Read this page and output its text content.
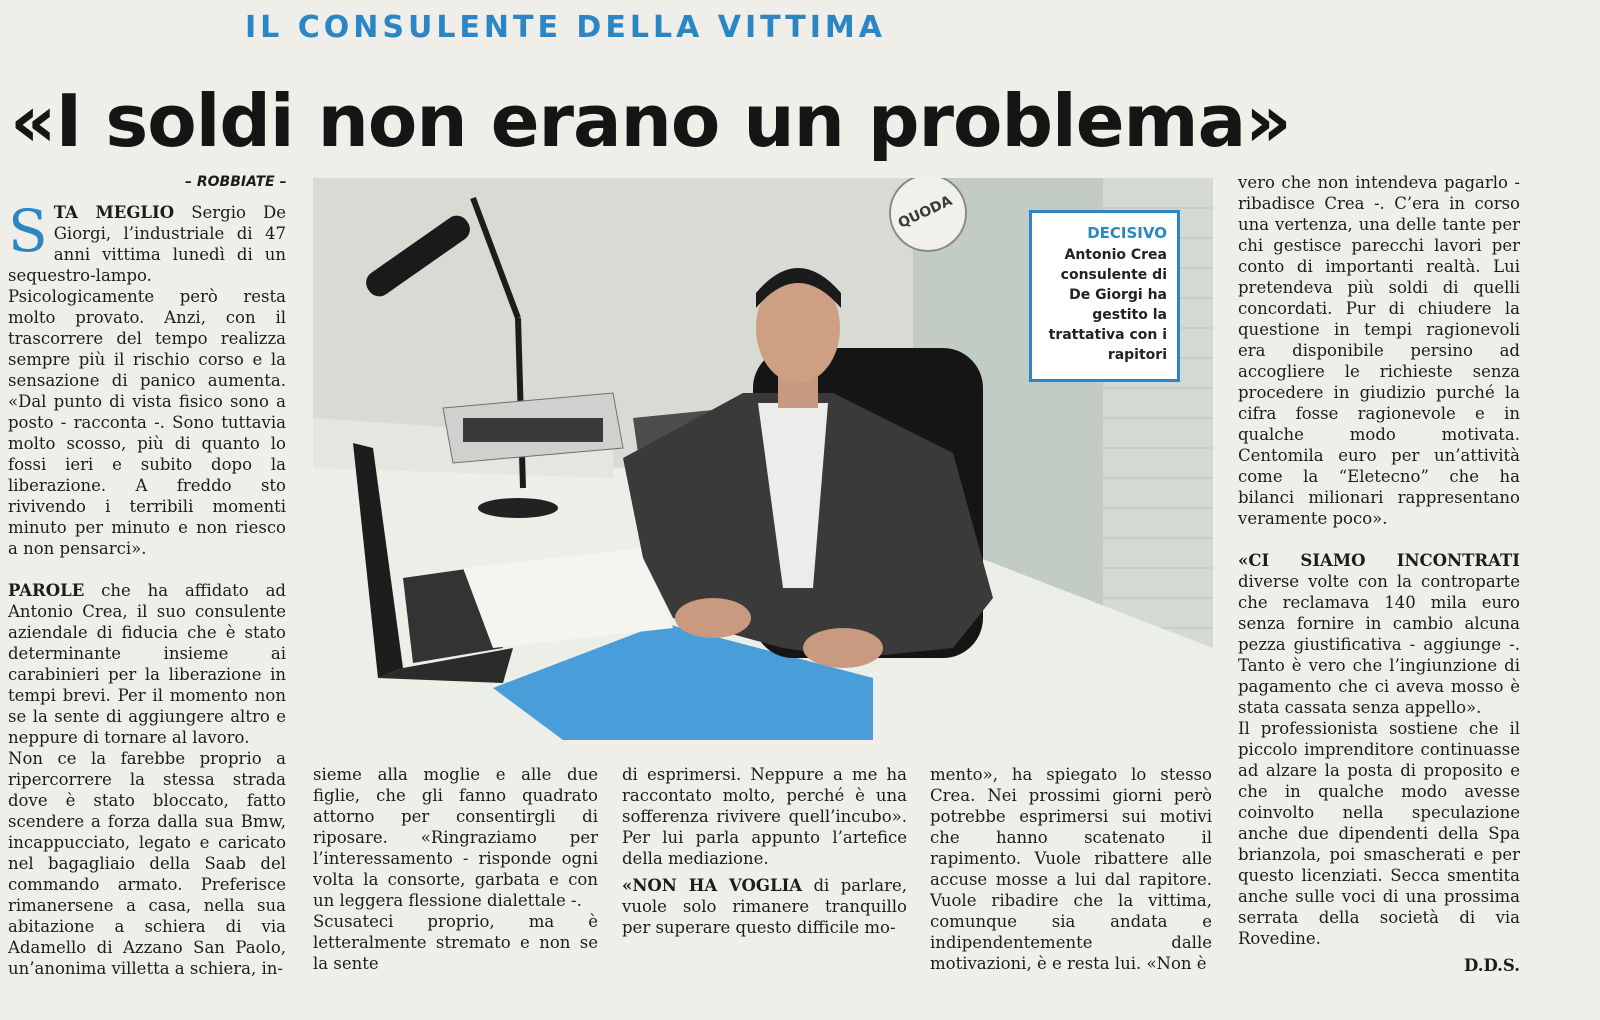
IL CONSULENTE DELLA VITTIMA
«I soldi non erano un problema»
– ROBBIATE –

STA MEGLIO Sergio De Giorgi, l’industriale di 47 anni vittima lunedì di un sequestro-lampo. Psicologicamente però resta molto provato. Anzi, con il trascorrere del tempo realizza sempre più il rischio corso e la sensazione di panico aumenta. «Dal punto di vista fisico sono a posto - racconta -. Sono tuttavia molto scosso, più di quanto lo fossi ieri e subito dopo la liberazione. A freddo sto rivivendo i terribili momenti minuto per minuto e non riesco a non pensarci».

PAROLE che ha affidato ad Antonio Crea, il suo consulente aziendale di fiducia che è stato determinante insieme ai carabinieri per la liberazione in tempi brevi. Per il momento non se la sente di aggiungere altro e neppure di tornare al lavoro.

Non ce la farebbe proprio a ripercorrere la stessa strada dove è stato bloccato, fatto scendere a forza dalla sua Bmw, incappucciato, legato e caricato nel bagagliaio della Saab del commando armato. Preferisce rimanersene a casa, nella sua abitazione a schiera di via Adamello di Azzano San Paolo, un’anonima villetta a schiera, in-

QUODA
DECISIVO
Antonio Crea consulente di De Giorgi ha gestito la trattativa con i rapitori

sieme alla moglie e alle due figlie, che gli fanno quadrato attorno per consentirgli di riposare. «Ringraziamo per l’interessamento - risponde ogni volta la consorte, garbata e con un leggera flessione dialettale -.

Scusateci proprio, ma è letteralmente stremato e non se la sente

di esprimersi. Neppure a me ha raccontato molto, perché è una sofferenza rivivere quell’incubo». Per lui parla appunto l’artefice della mediazione.

«NON HA VOGLIA di parlare, vuole solo rimanere tranquillo per superare questo difficile mo-

mento», ha spiegato lo stesso Crea. Nei prossimi giorni però potrebbe esprimersi sui motivi che hanno scatenato il rapimento. Vuole ribattere alle accuse mosse a lui dal rapitore. Vuole ribadire che la vittima, comunque sia andata e indipendentemente dalle motivazioni, è e resta lui. «Non è

vero che non intendeva pagarlo - ribadisce Crea -. C’era in corso una vertenza, una delle tante per chi gestisce parecchi lavori per conto di importanti realtà. Lui pretendeva più soldi di quelli concordati. Pur di chiudere la questione in tempi ragionevoli era disponibile persino ad accogliere le richieste senza procedere in giudizio purché la cifra fosse ragionevole e in qualche modo motivata. Centomila euro per un’attività come la “Eletecno” che ha bilanci milionari rappresentano veramente poco».

«CI SIAMO INCONTRATI diverse volte con la controparte che reclamava 140 mila euro senza fornire in cambio alcuna pezza giustificativa - aggiunge -. Tanto è vero che l’ingiunzione di pagamento che ci aveva mosso è stata cassata senza appello».

Il professionista sostiene che il piccolo imprenditore continuasse ad alzare la posta di proposito e che in qualche modo avesse coinvolto nella speculazione anche due dipendenti della Spa brianzola, poi smascherati e per questo licenziati. Secca smentita anche sulle voci di una prossima serrata della società di via Rovedine.

D.D.S.
